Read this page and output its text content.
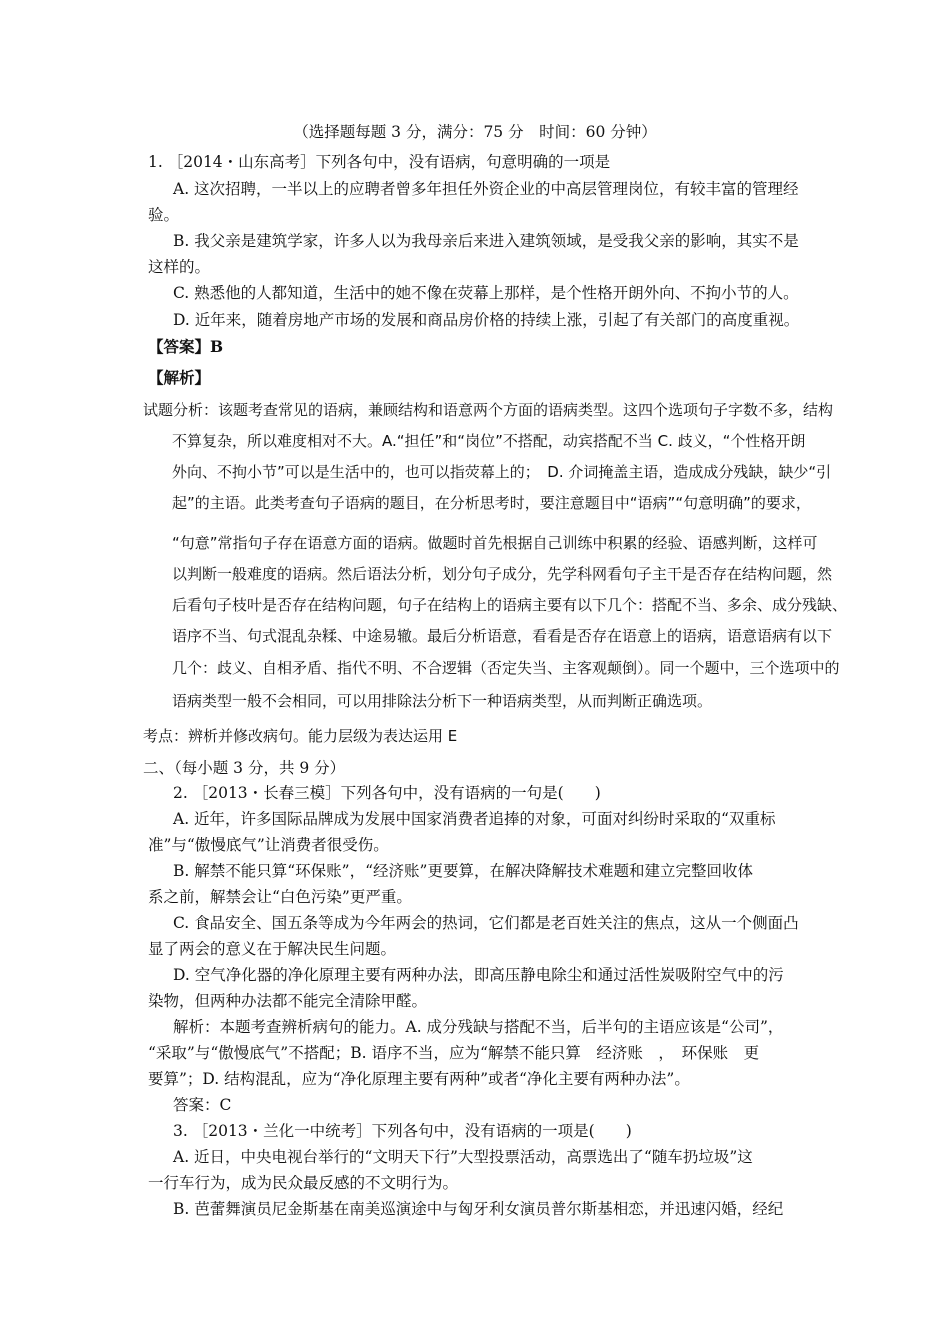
（选择题每题 3 分，满分：75 分　时间：60 分钟）
1. ［2014・山东高考］下列各句中，没有语病，句意明确的一项是
A. 这次招聘，一半以上的应聘者曾多年担任外资企业的中高层管理岗位，有较丰富的管理经
验。
B. 我父亲是建筑学家，许多人以为我母亲后来进入建筑领域，是受我父亲的影响，其实不是
这样的。
C. 熟悉他的人都知道，生活中的她不像在荧幕上那样，是个性格开朗外向、不拘小节的人。
D. 近年来，随着房地产市场的发展和商品房价格的持续上涨，引起了有关部门的高度重视。
【答案】B
【解析】
试题分析：该题考查常见的语病，兼顾结构和语意两个方面的语病类型。这四个选项句子字数不多，结构
不算复杂，所以难度相对不大。A.“担任”和“岗位”不搭配，动宾搭配不当 C. 歧义，“个性格开朗
外向、不拘小节”可以是生活中的，也可以指荧幕上的；　D. 介词掩盖主语，造成成分残缺，缺少“引
起”的主语。此类考查句子语病的题目，在分析思考时，要注意题目中“语病”“句意明确”的要求，
“句意”常指句子存在语意方面的语病。做题时首先根据自己训练中积累的经验、语感判断，这样可
以判断一般难度的语病。然后语法分析，划分句子成分，先学科网看句子主干是否存在结构问题，然
后看句子枝叶是否存在结构问题，句子在结构上的语病主要有以下几个：搭配不当、多余、成分残缺、
语序不当、句式混乱杂糅、中途易辙。最后分析语意，看看是否存在语意上的语病，语意语病有以下
几个：歧义、自相矛盾、指代不明、不合逻辑（否定失当、主客观颠倒）。同一个题中，三个选项中的
语病类型一般不会相同，可以用排除法分析下一种语病类型，从而判断正确选项。
考点：辨析并修改病句。能力层级为表达运用 E
二、（每小题 3 分，共 9 分）
2. ［2013・长春三模］下列各句中，没有语病的一句是(　　)
A. 近年，许多国际品牌成为发展中国家消费者追捧的对象，可面对纠纷时采取的“双重标
准”与“傲慢底气”让消费者很受伤。
B. 解禁不能只算“环保账”，“经济账”更要算，在解决降解技术难题和建立完整回收体
系之前，解禁会让“白色污染”更严重。
C. 食品安全、国五条等成为今年两会的热词，它们都是老百姓关注的焦点，这从一个侧面凸
显了两会的意义在于解决民生问题。
D. 空气净化器的净化原理主要有两种办法，即高压静电除尘和通过活性炭吸附空气中的污
染物，但两种办法都不能完全清除甲醛。
解析：本题考查辨析病句的能力。A. 成分残缺与搭配不当，后半句的主语应该是“公司”，
“采取”与“傲慢底气”不搭配；B. 语序不当，应为“解禁不能只算　经济账　，　环保账　更
要算”；D. 结构混乱，应为“净化原理主要有两种”或者“净化主要有两种办法”。
答案：C
3. ［2013・兰化一中统考］下列各句中，没有语病的一项是(　　)
A. 近日，中央电视台举行的“文明天下行”大型投票活动，高票选出了“随车扔垃圾”这
一行车行为，成为民众最反感的不文明行为。
B. 芭蕾舞演员尼金斯基在南美巡演途中与匈牙利女演员普尔斯基相恋，并迅速闪婚，经纪
